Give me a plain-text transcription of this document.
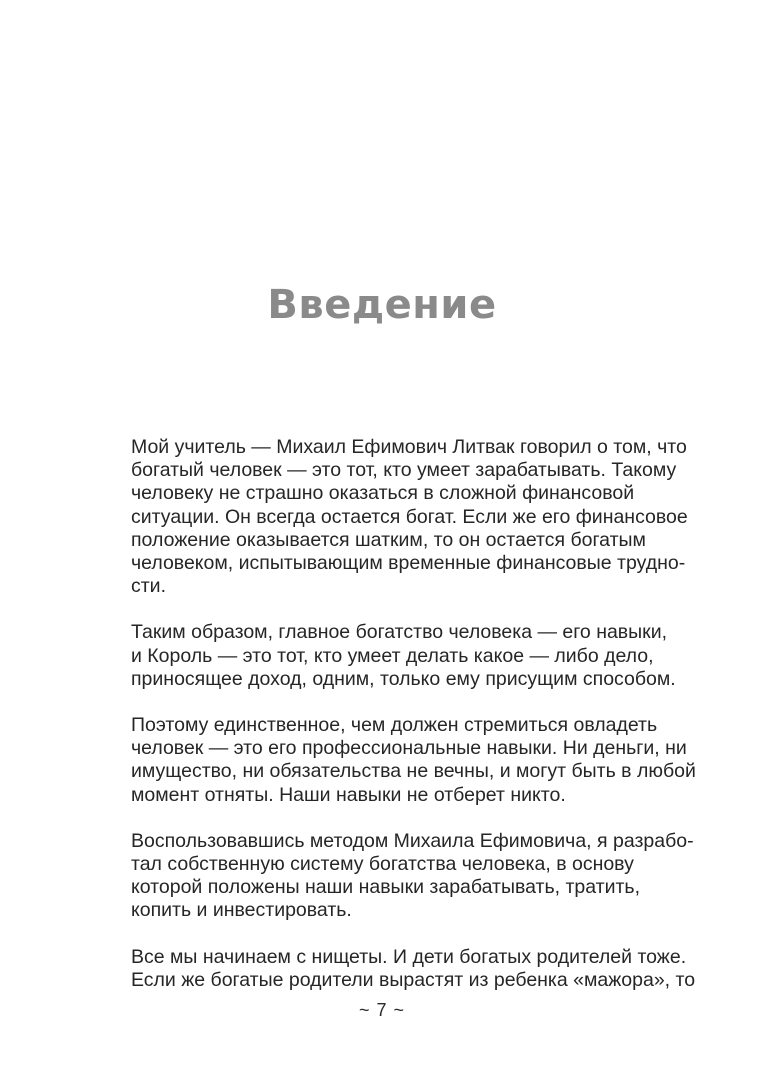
Введение
Мой учитель — Михаил Ефимович Литвак говорил о том, что
богатый человек — это тот, кто умеет зарабатывать. Такому
человеку не страшно оказаться в сложной финансовой
ситуации. Он всегда остается богат. Если же его финансовое
положение оказывается шатким, то он остается богатым
человеком, испытывающим временные финансовые трудно-
сти.
Таким образом, главное богатство человека — его навыки,
и Король — это тот, кто умеет делать какое — либо дело,
приносящее доход, одним, только ему присущим способом.
Поэтому единственное, чем должен стремиться овладеть
человек — это его профессиональные навыки. Ни деньги, ни
имущество, ни обязательства не вечны, и могут быть в любой
момент отняты. Наши навыки не отберет никто.
Воспользовавшись методом Михаила Ефимовича, я разрабо-
тал собственную систему богатства человека, в основу
которой положены наши навыки зарабатывать, тратить,
копить и инвестировать.
Все мы начинаем с нищеты. И дети богатых родителей тоже.
Если же богатые родители вырастят из ребенка «мажора», то
~ 7 ~
